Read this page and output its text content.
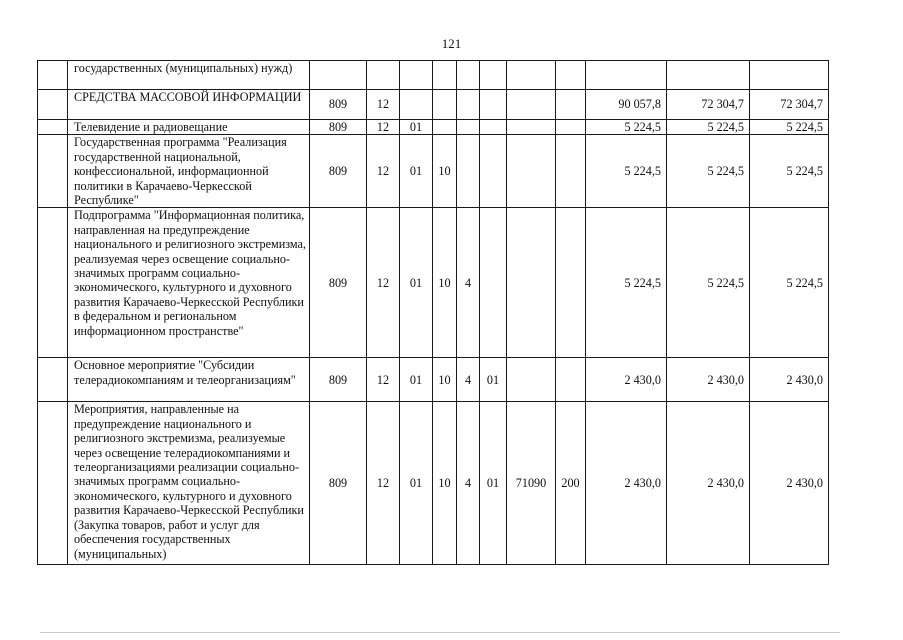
121
	государственных (муниципальных) нужд)											
	СРЕДСТВА МАССОВОЙ ИНФОРМАЦИИ	809	12							90 057,8	72 304,7	72 304,7
	Телевидение и радиовещание	809	12	01						5 224,5	5 224,5	5 224,5
	Государственная программа "Реализация государственной национальной, конфессиональной, информационной политики в Карачаево-Черкесской Республике"	809	12	01	10					5 224,5	5 224,5	5 224,5
	Подпрограмма "Информационная политика, направленная на предупреждение национального и религиозного экстремизма, реализуемая через освещение социально-значимых программ социально-экономического, культурного и духовного развития Карачаево-Черкесской Республики в федеральном и региональном информационном пространстве"	809	12	01	10	4				5 224,5	5 224,5	5 224,5
	Основное мероприятие "Субсидии телерадиокомпаниям и телеорганизациям"	809	12	01	10	4	01			2 430,0	2 430,0	2 430,0
	Мероприятия, направленные на предупреждение национального и религиозного экстремизма, реализуемые через освещение телерадиокомпаниями и телеорганизациями реализации социально-значимых программ социально-экономического, культурного и духовного развития Карачаево-Черкесской Республики (Закупка товаров, работ и услуг для обеспечения государственных (муниципальных)	809	12	01	10	4	01	71090	200	2 430,0	2 430,0	2 430,0
